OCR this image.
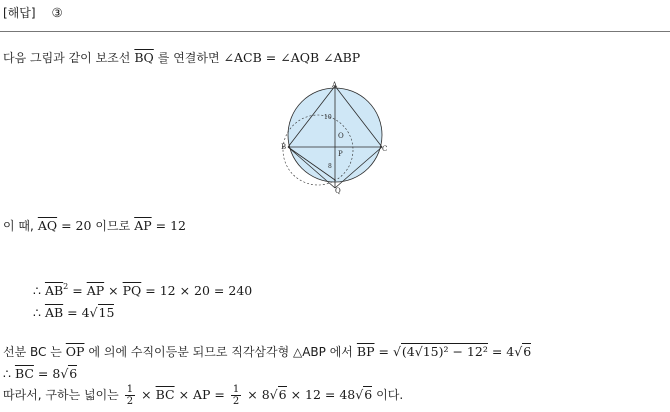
[해답] ③
다음 그림과 같이 보조선 $\overline{BQ}$ 를 연결하면 ∠ACB = ∠AQB ∠ABP
A
B	C
O
P
Q
10
8
이 때, $\overline{AQ} = 20$ 이므로 $\overline{AP} = 12$
∴ $\overline{AB}^2 = \overline{AP} \times \overline{PQ} = 12 \times 20 = 240$
∴ $\overline{AB} = 4√15$
선분 BC 는 $\overline{OP}$ 에 의에 수직이등분 되므로 직각삼각형 △ABP 에서 $\overline{BP} = √(4√15)^2 - 12^2 = 4√6$
∴ $\overline{BC} = 8√6$
따라서, 구하는 넓이는 $\frac{1}{2} \times \overline{BC}$ × AP = $\frac{1}{2} \times 8√6 \times 12 = 48√6$ 이다.
